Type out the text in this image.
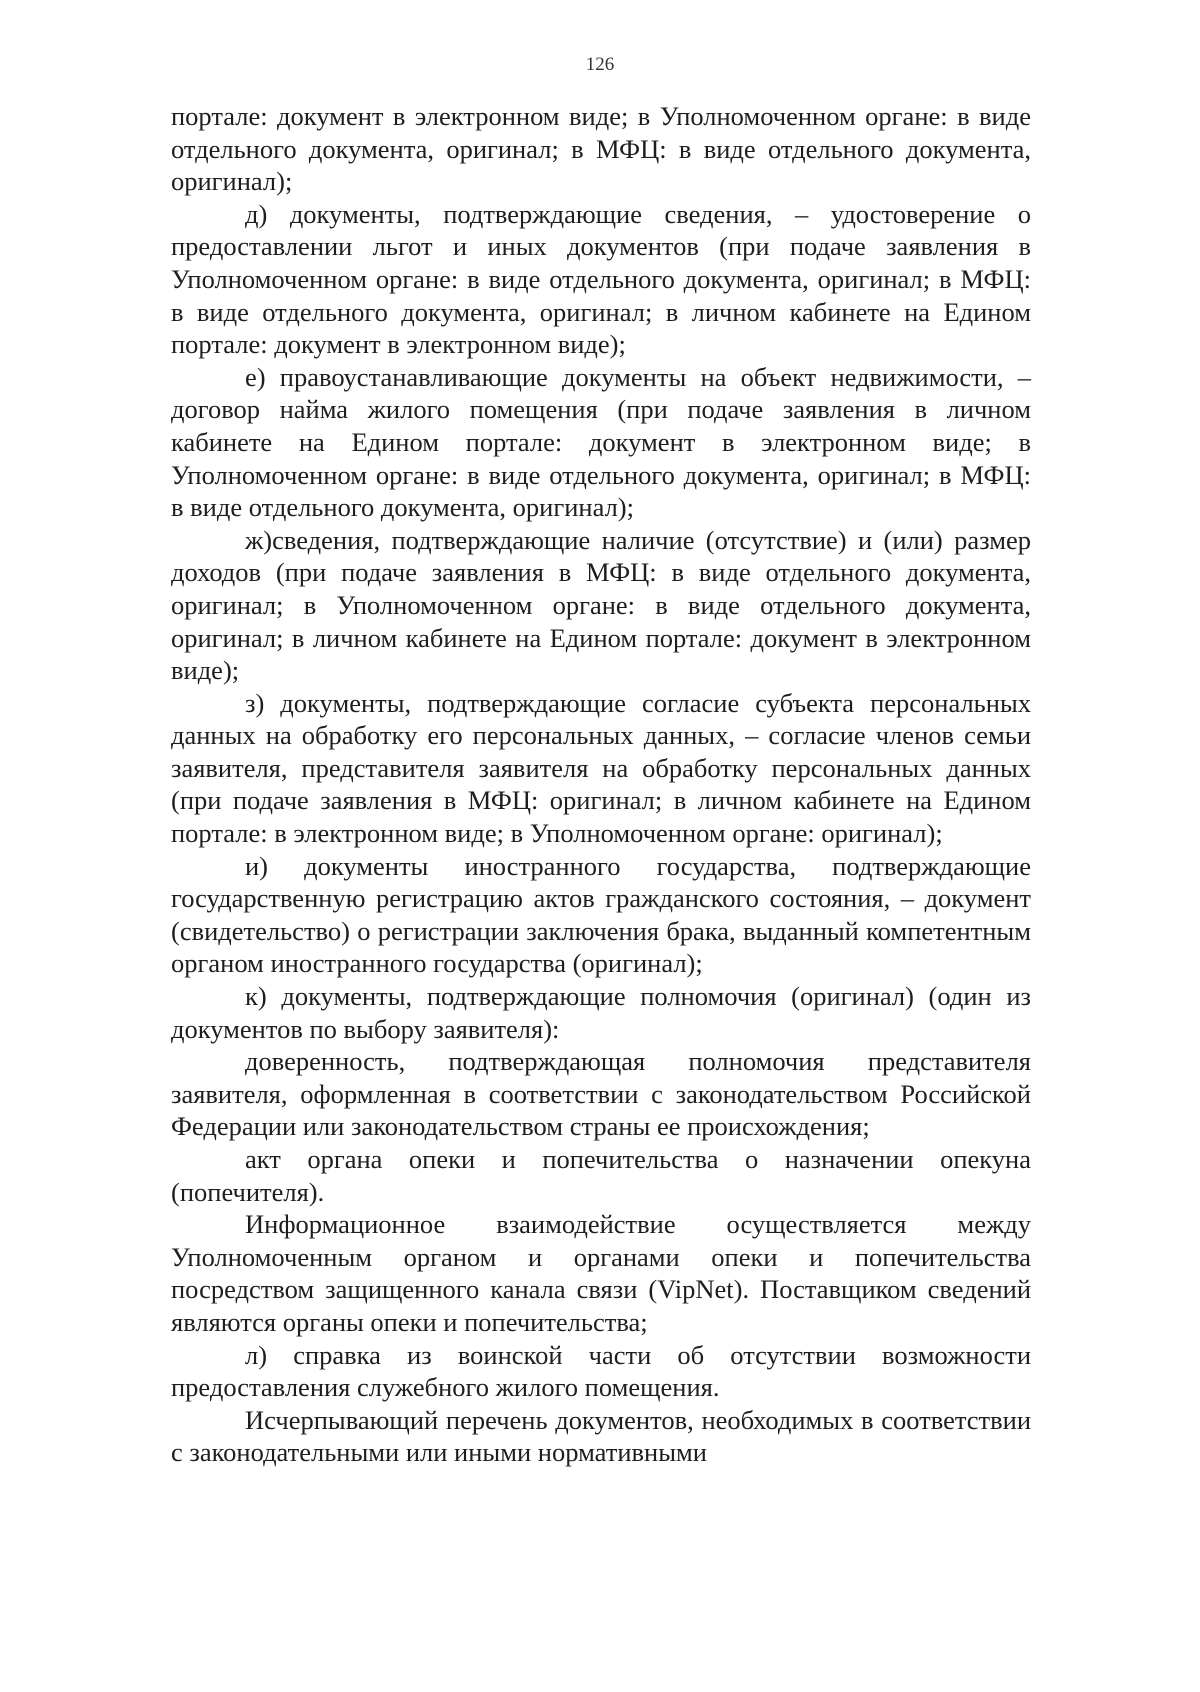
126

порталe: документ в электронном виде; в Уполномоченном органе: в виде отдельного документа, оригинал; в МФЦ: в виде отдельного документа, оригинал);

д) документы, подтверждающие сведения, – удостоверение о предоставлении льгот и иных документов (при подаче заявления в Уполномоченном органе: в виде отдельного документа, оригинал; в МФЦ: в виде отдельного документа, оригинал; в личном кабинете на Едином портале: документ в электронном виде);

е) правоустанавливающие документы на объект недвижимости, – договор найма жилого помещения (при подаче заявления в личном кабинете на Едином портале: документ в электронном виде; в Уполномоченном органе: в виде отдельного документа, оригинал; в МФЦ: в виде отдельного документа, оригинал);

ж)сведения, подтверждающие наличие (отсутствие) и (или) размер доходов (при подаче заявления в МФЦ: в виде отдельного документа, оригинал; в Уполномоченном органе: в виде отдельного документа, оригинал; в личном кабинете на Едином портале: документ в электронном виде);

з) документы, подтверждающие согласие субъекта персональных данных на обработку его персональных данных, – согласие членов семьи заявителя, представителя заявителя на обработку персональных данных (при подаче заявления в МФЦ: оригинал; в личном кабинете на Едином портале: в электронном виде; в Уполномоченном органе: оригинал);

и) документы иностранного государства, подтверждающие государственную регистрацию актов гражданского состояния, – документ (свидетельство) о регистрации заключения брака, выданный компетентным органом иностранного государства (оригинал);

к) документы, подтверждающие полномочия (оригинал) (один из документов по выбору заявителя):

доверенность, подтверждающая полномочия представителя заявителя, оформленная в соответствии с законодательством Российской Федерации или законодательством страны ее происхождения;

акт органа опеки и попечительства о назначении опекуна (попечителя).

Информационное взаимодействие осуществляется между Уполномоченным органом и органами опеки и попечительства посредством защищенного канала связи (VipNet). Поставщиком сведений являются органы опеки и попечительства;

л) справка из воинской части об отсутствии возможности предоставления служебного жилого помещения.

Исчерпывающий перечень документов, необходимых в соответствии с законодательными или иными нормативными
